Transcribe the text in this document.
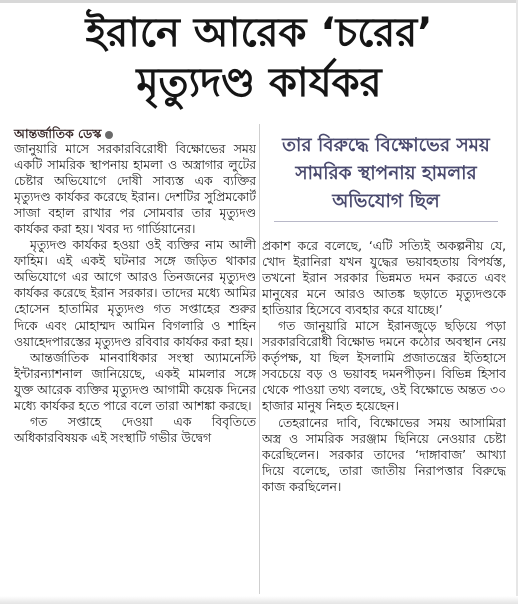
ইরানে আরেক ‘চরের’
মৃত্যুদণ্ড কার্যকর
আন্তর্জাতিক ডেস্ক

জানুয়ারি মাসে সরকারবিরোধী বিক্ষোভের সময় একটি সামরিক স্থাপনায় হামলা ও অস্ত্রাগার লুটের চেষ্টার অভিযোগে দোষী সাব্যস্ত এক ব্যক্তির মৃত্যুদণ্ড কার্যকর করেছে ইরান। দেশটির সুপ্রিমকোর্ট সাজা বহাল রাখার পর সোমবার তার মৃত্যুদণ্ড কার্যকর করা হয়। খবর দ্য গার্ডিয়ানের।

মৃত্যুদণ্ড কার্যকর হওয়া ওই ব্যক্তির নাম আলী ফাহিম। এই একই ঘটনার সঙ্গে জড়িত থাকার অভিযোগে এর আগে আরও তিনজনের মৃত্যুদণ্ড কার্যকর করেছে ইরান সরকার। তাদের মধ্যে আমির হোসেন হাতামির মৃত্যুদণ্ড গত সপ্তাহের শুরুর দিকে এবং মোহাম্মদ আমিন বিগলারি ও শাহিন ওয়াহেদপারস্তের মৃত্যুদণ্ড রবিবার কার্যকর করা হয়।

আন্তর্জাতিক মানবাধিকার সংস্থা অ্যামনেস্টি ইন্টারন্যাশনাল জানিয়েছে, একই মামলার সঙ্গে যুক্ত আরেক ব্যক্তির মৃত্যুদণ্ড আগামী কয়েক দিনের মধ্যে কার্যকর হতে পারে বলে তারা আশঙ্কা করছে।

গত সপ্তাহে দেওয়া এক বিবৃতিতে অধিকারবিষয়ক এই সংস্থাটি গভীর উদ্বেগ

তার বিরুদ্ধে বিক্ষোভের সময় সামরিক স্থাপনায় হামলার অভিযোগ ছিল

প্রকাশ করে বলেছে, ‘এটি সত্যিই অকল্পনীয় যে, খোদ ইরানিরা যখন যুদ্ধের ভয়াবহতায় বিপর্যস্ত, তখনো ইরান সরকার ভিন্নমত দমন করতে এবং মানুষের মনে আরও আতঙ্ক ছড়াতে মৃত্যুদণ্ডকে হাতিয়ার হিসেবে ব্যবহার করে যাচ্ছে।’

গত জানুয়ারি মাসে ইরানজুড়ে ছড়িয়ে পড়া সরকারবিরোধী বিক্ষোভ দমনে কঠোর অবস্থান নেয় কর্তৃপক্ষ, যা ছিল ইসলামি প্রজাতন্ত্রের ইতিহাসে সবচেয়ে বড় ও ভয়াবহ দমনপীড়ন। বিভিন্ন হিসাব থেকে পাওয়া তথ্য বলছে, ওই বিক্ষোভে অন্তত ৩০ হাজার মানুষ নিহত হয়েছেন।

তেহরানের দাবি, বিক্ষোভের সময় আসামিরা অস্ত্র ও সামরিক সরঞ্জাম ছিনিয়ে নেওয়ার চেষ্টা করেছিলেন। সরকার তাদের ‘দাঙ্গাবাজ’ আখ্যা দিয়ে বলেছে, তারা জাতীয় নিরাপত্তার বিরুদ্ধে কাজ করছিলেন।
